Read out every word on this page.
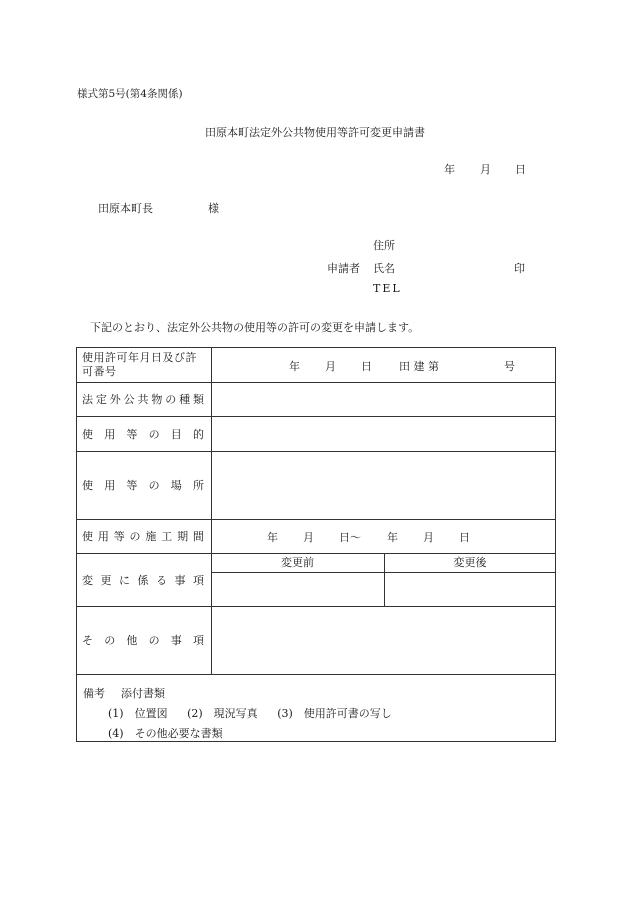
様式第5号(第4条関係)
田原本町法定外公共物使用等許可変更申請書
年 月 日
田原本町長	様
住所
申請者 氏名	印
TEL
下記のとおり、法定外公共物の使用等の許可の変更を申請します。
使用許可年月日及び許可番号	年 月 日 田 建 第	号
法 定 外 公 共 物 の 種 類
使 用 等 の 目 的
使 用 等 の 場 所
使 用 等 の 施 工 期 間	年 月 日～ 年 月 日
変 更 に 係 る 事 項
変更前	変更後
そ の 他 の 事 項
備考 添付書類
(1)　位置図 (2)　現況写真 (3)　使用許可書の写し
(4)　その他必要な書類
